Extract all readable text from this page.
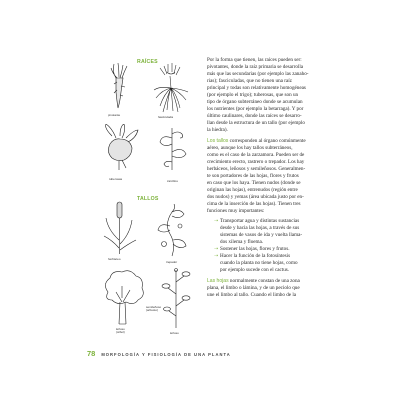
RAÍCES
pivotante	fasciculada
tuberosas	zarcillos
TALLOS
herbáceo
trepador
leñoso
(árbol)
semileñoso
(arbusto)
leñoso
Por la forma que tienen, las raíces pueden ser:
pivotantes, donde la raíz primaria se desarrolla
más que las secundarias (por ejemplo las zanaho-
rias); fasciculadas, que no tienen una raíz
principal y todas son relativamente homogéneas
(por ejemplo el trigo); tuberosas, que son un
tipo de órgano subterráneo donde se acumulan
los nutrientes (por ejemplo la betarraga). Y por
último caulinares, donde las raíces se desarro-
llan desde la estructura de un tallo (por ejemplo
la hiedra).
Los tallos corresponden al órgano comúnmente
aéreo, aunque los hay tallos subterráneos,
como es el caso de la zarzamora. Pueden ser de
crecimiento erecto, rastrero o trepador. Los hay
herbáceos, leñosos y semileñosos. Generalmen-
te son portadores de las hojas, flores y frutos
en caso que los haya. Tienen nudos (donde se
originan las hojas), entrenudos (región entre
dos nudos) y yemas (área ubicada justo por en-
cima de la inserción de las hojas). Tienen tres
funciones muy importantes:
➝ Transportar agua y distintas sustancias
desde y hacia las hojas, a través de sus
sistemas de vasos de ida y vuelta llama-
dos xilema y floema.
➝ Sostener las hojas, flores y frutos.
➝ Hacer la función de la fotosíntesis
cuando la planta no tiene hojas, como
por ejemplo sucede con el cactus.
Las hojas normalmente constan de una zona
plana, el limbo o lámina, y de un peciolo que
une el limbo al tallo. Cuando el limbo de la
78 MORFOLOGÍA Y FISIOLOGÍA DE UNA PLANTA
